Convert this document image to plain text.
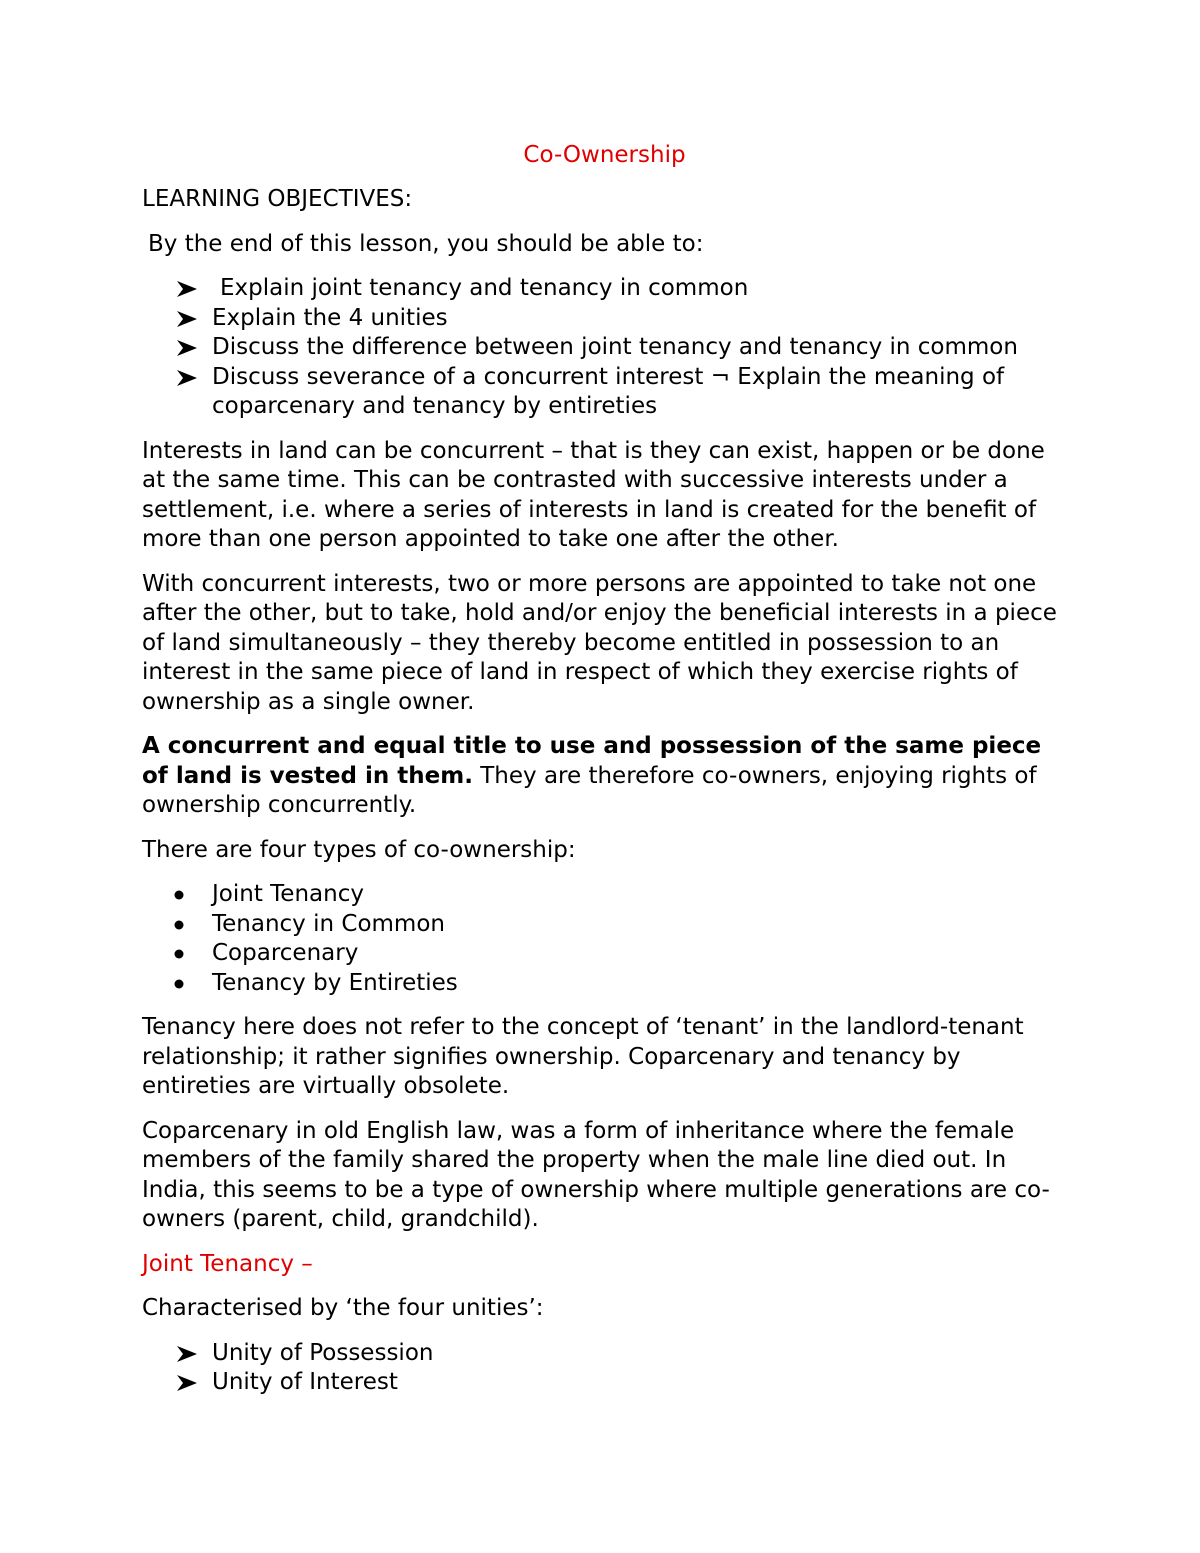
Co-Ownership
LEARNING OBJECTIVES:
By the end of this lesson, you should be able to:
Explain joint tenancy and tenancy in common
Explain the 4 unities
Discuss the difference between joint tenancy and tenancy in common
Discuss severance of a concurrent interest ¬ Explain the meaning of coparcenary and tenancy by entireties
Interests in land can be concurrent – that is they can exist, happen or be done at the same time. This can be contrasted with successive interests under a settlement, i.e. where a series of interests in land is created for the benefit of more than one person appointed to take one after the other.
With concurrent interests, two or more persons are appointed to take not one after the other, but to take, hold and/or enjoy the beneficial interests in a piece of land simultaneously – they thereby become entitled in possession to an interest in the same piece of land in respect of which they exercise rights of ownership as a single owner.
A concurrent and equal title to use and possession of the same piece of land is vested in them. They are therefore co-owners, enjoying rights of ownership concurrently.
There are four types of co-ownership:
Joint Tenancy
Tenancy in Common
Coparcenary
Tenancy by Entireties
Tenancy here does not refer to the concept of ‘tenant’ in the landlord-tenant relationship; it rather signifies ownership. Coparcenary and tenancy by entireties are virtually obsolete.
Coparcenary in old English law, was a form of inheritance where the female members of the family shared the property when the male line died out. In India, this seems to be a type of ownership where multiple generations are co-owners (parent, child, grandchild).
Joint Tenancy –
Characterised by ‘the four unities’:
Unity of Possession
Unity of Interest
